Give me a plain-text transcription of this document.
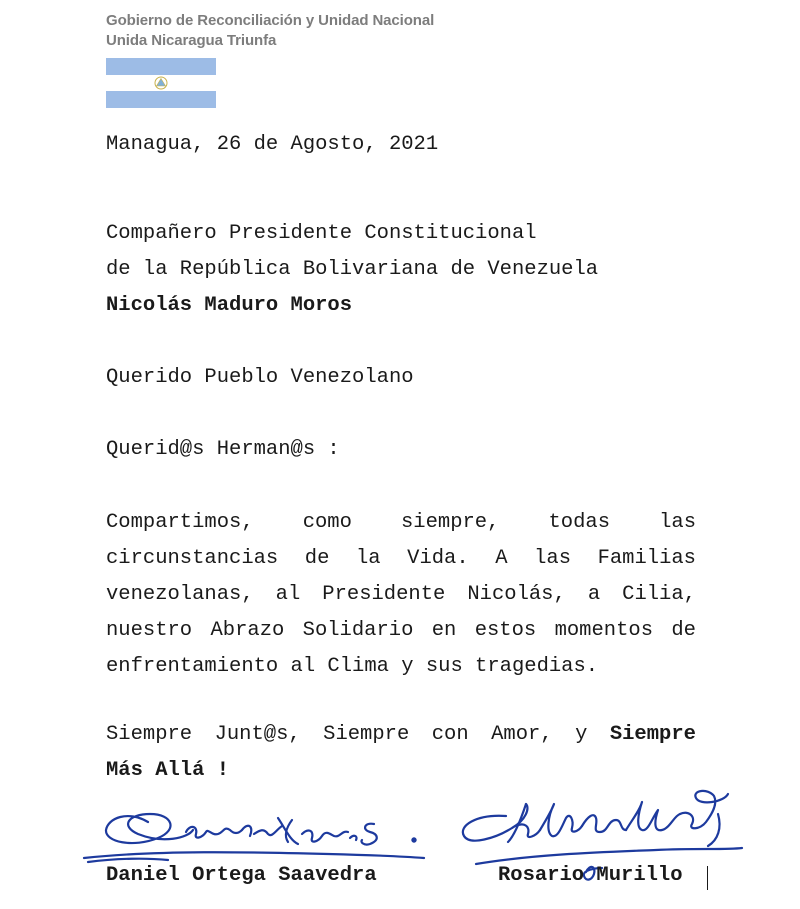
Gobierno de Reconciliación y Unidad Nacional
Unida Nicaragua Triunfa
Managua, 26 de Agosto, 2021
Compañero Presidente Constitucional
de la República Bolivariana de Venezuela
Nicolás Maduro Moros
Querido Pueblo Venezolano
Querid@s Herman@s :
Compartimos, como siempre, todas las
circunstancias de la Vida. A las Familias
venezolanas, al Presidente Nicolás, a Cilia,
nuestro Abrazo Solidario en estos momentos de
enfrentamiento al Clima y sus tragedias.
Siempre Junt@s, Siempre con Amor, y Siempre
Más Allá !
Daniel Ortega Saavedra	Rosario Murillo
